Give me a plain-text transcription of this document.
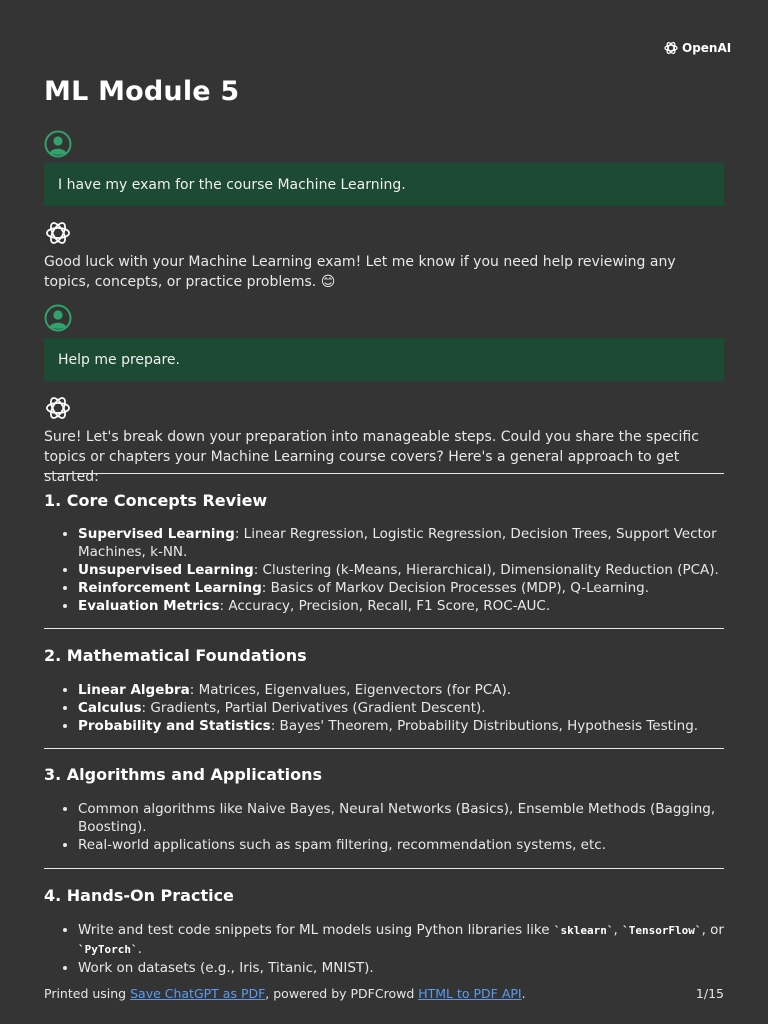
OpenAI
ML Module 5
I have my exam for the course Machine Learning.

Good luck with your Machine Learning exam! Let me know if you need help reviewing any topics, concepts, or practice problems. 😊

Help me prepare.

Sure! Let's break down your preparation into manageable steps. Could you share the specific topics or chapters your Machine Learning course covers? Here's a general approach to get started:

1. Core Concepts Review
• Supervised Learning: Linear Regression, Logistic Regression, Decision Trees, Support Vector Machines, k-NN.
• Unsupervised Learning: Clustering (k-Means, Hierarchical), Dimensionality Reduction (PCA).
• Reinforcement Learning: Basics of Markov Decision Processes (MDP), Q-Learning.
• Evaluation Metrics: Accuracy, Precision, Recall, F1 Score, ROC-AUC.
2. Mathematical Foundations
• Linear Algebra: Matrices, Eigenvalues, Eigenvectors (for PCA).
• Calculus: Gradients, Partial Derivatives (Gradient Descent).
• Probability and Statistics: Bayes' Theorem, Probability Distributions, Hypothesis Testing.
3. Algorithms and Applications
• Common algorithms like Naive Bayes, Neural Networks (Basics), Ensemble Methods (Bagging, Boosting).
• Real-world applications such as spam filtering, recommendation systems, etc.
4. Hands-On Practice
• Write and test code snippets for ML models using Python libraries like `sklearn`, `TensorFlow`, or `PyTorch`.
• Work on datasets (e.g., Iris, Titanic, MNIST).
Printed using Save ChatGPT as PDF, powered by PDFCrowd HTML to PDF API.	1/15
